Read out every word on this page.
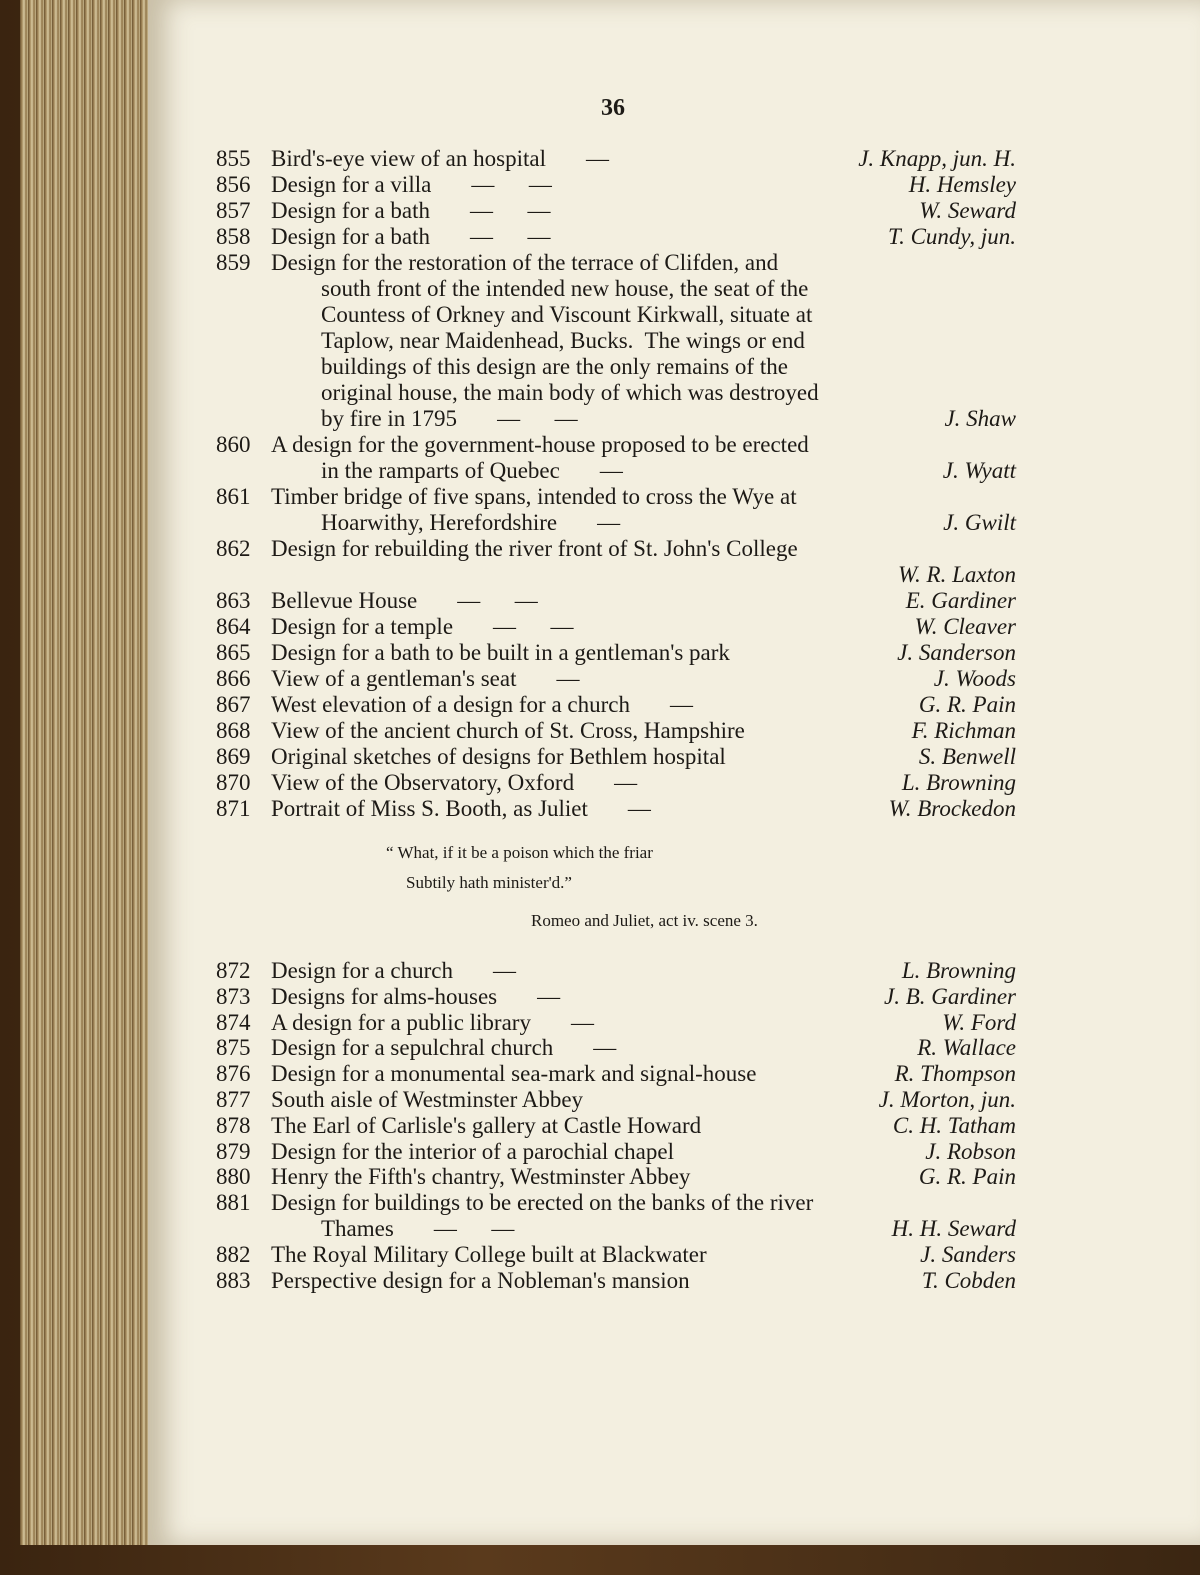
36
855 Bird's-eye view of an hospital —	J. Knapp, jun. H.
856 Design for a villa —      —	H. Hemsley
857 Design for a bath —      —	W. Seward
858 Design for a bath —      —	T. Cundy, jun.
859 Design for the restoration of the terrace of Clifden, and
south front of the intended new house, the seat of the
Countess of Orkney and Viscount Kirkwall, situate at
Taplow, near Maidenhead, Bucks.  The wings or end
buildings of this design are the only remains of the
original house, the main body of which was destroyed
by fire in 1795 —      —	J. Shaw
860 A design for the government-house proposed to be erected
in the ramparts of Quebec —	J. Wyatt
861 Timber bridge of five spans, intended to cross the Wye at
Hoarwithy, Herefordshire —	J. Gwilt
862 Design for rebuilding the river front of St. John's College
W. R. Laxton
863 Bellevue House —      —	E. Gardiner
864 Design for a temple —      —	W. Cleaver
865 Design for a bath to be built in a gentleman's park	J. Sanderson
866 View of a gentleman's seat —	J. Woods
867 West elevation of a design for a church —	G. R. Pain
868 View of the ancient church of St. Cross, Hampshire	F. Richman
869 Original sketches of designs for Bethlem hospital	S. Benwell
870 View of the Observatory, Oxford —	L. Browning
871 Portrait of Miss S. Booth, as Juliet —	W. Brockedon
“ What, if it be a poison which the friar
Subtily hath minister'd.”
Romeo and Juliet, act iv. scene 3.
872 Design for a church —	L. Browning
873 Designs for alms-houses —	J. B. Gardiner
874 A design for a public library —	W. Ford
875 Design for a sepulchral church —	R. Wallace
876 Design for a monumental sea-mark and signal-house	R. Thompson
877 South aisle of Westminster Abbey	J. Morton, jun.
878 The Earl of Carlisle's gallery at Castle Howard	C. H. Tatham
879 Design for the interior of a parochial chapel	J. Robson
880 Henry the Fifth's chantry, Westminster Abbey	G. R. Pain
881 Design for buildings to be erected on the banks of the river
Thames —      —	H. H. Seward
882 The Royal Military College built at Blackwater	J. Sanders
883 Perspective design for a Nobleman's mansion	T. Cobden
